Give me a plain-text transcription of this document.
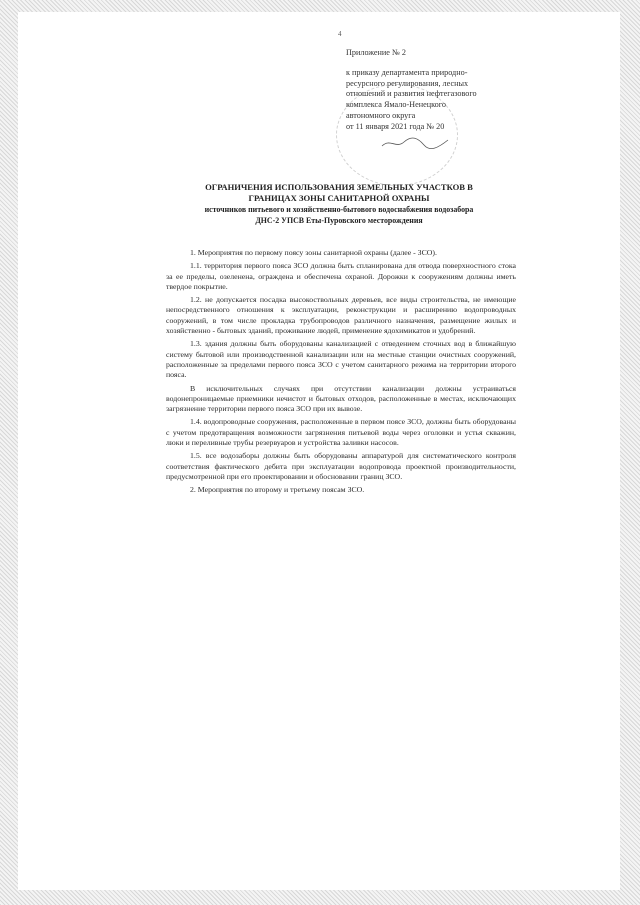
4
Приложение № 2
к приказу департамента природно-
ресурсного регулирования, лесных
отношений и развития нефтегазового
комплекса Ямало-Ненецкого
автономного округа
от 11 января 2021 года № 20
ОГРАНИЧЕНИЯ ИСПОЛЬЗОВАНИЯ ЗЕМЕЛЬНЫХ УЧАСТКОВ В
ГРАНИЦАХ ЗОНЫ САНИТАРНОЙ ОХРАНЫ
источников питьевого и хозяйственно-бытового водоснабжения водозабора
ДНС-2 УПСВ Еты-Пуровского месторождения

1. Мероприятия по первому поясу зоны санитарной охраны (далее - ЗСО).

1.1. территория первого пояса ЗСО должна быть спланирована для отвода поверхностного стока за ее пределы, озеленена, ограждена и обеспечена охраной. Дорожки к сооружениям должны иметь твердое покрытие.

1.2. не допускается посадка высокоствольных деревьев, все виды строительства, не имеющие непосредственного отношения к эксплуатации, реконструкции и расширению водопроводных сооружений, в том числе прокладка трубопроводов различного назначения, размещение жилых и хозяйственно - бытовых зданий, проживание людей, применение ядохимикатов и удобрений.

1.3. здания должны быть оборудованы канализацией с отведением сточных вод в ближайшую систему бытовой или производственной канализации или на местные станции очистных сооружений, расположенные за пределами первого пояса ЗСО с учетом санитарного режима на территории второго пояса.

В исключительных случаях при отсутствии канализации должны устраиваться водонепроницаемые приемники нечистот и бытовых отходов, расположенные в местах, исключающих загрязнение территории первого пояса ЗСО при их вывозе.

1.4. водопроводные сооружения, расположенные в первом поясе ЗСО, должны быть оборудованы с учетом предотвращения возможности загрязнения питьевой воды через оголовки и устья скважин, люки и переливные трубы резервуаров и устройства заливки насосов.

1.5. все водозаборы должны быть оборудованы аппаратурой для систематического контроля соответствия фактического дебита при эксплуатации водопровода проектной производительности, предусмотренной при его проектировании и обосновании границ ЗСО.

2. Мероприятия по второму и третьему поясам ЗСО.
